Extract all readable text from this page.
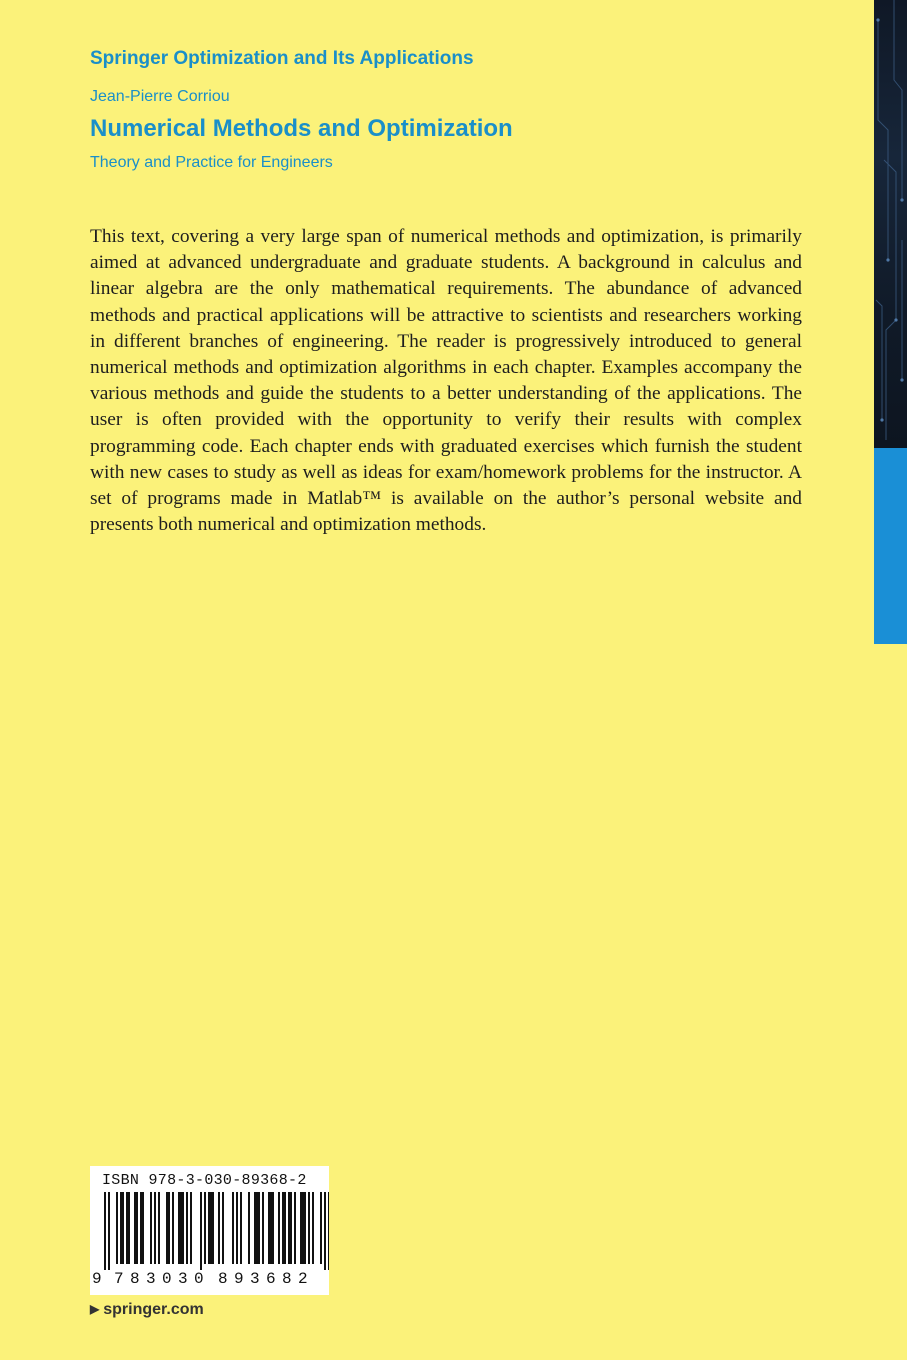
Springer Optimization and Its Applications
Jean-Pierre Corriou
Numerical Methods and Optimization
Theory and Practice for Engineers

This text, covering a very large span of numerical methods and optimization, is primarily aimed at advanced undergraduate and graduate students. A background in calculus and linear algebra are the only mathematical requirements. The abundance of advanced methods and practical applications will be attractive to scientists and researchers working in different branches of engineering. The reader is progressively introduced to general numerical methods and optimization algorithms in each chapter. Examples accompany the various methods and guide the students to a better understanding of the applications. The user is often provided with the opportunity to verify their results with complex programming code. Each chapter ends with graduated exercises which furnish the student with new cases to study as well as ideas for exam/homework problems for the instructor. A set of programs made in Matlab™ is available on the author’s personal website and presents both numerical and optimization methods.

ISBN 978-3-030-89368-2
9 7 8 3 0 3 0 8 9 3 6 8 2
▶ springer.com
